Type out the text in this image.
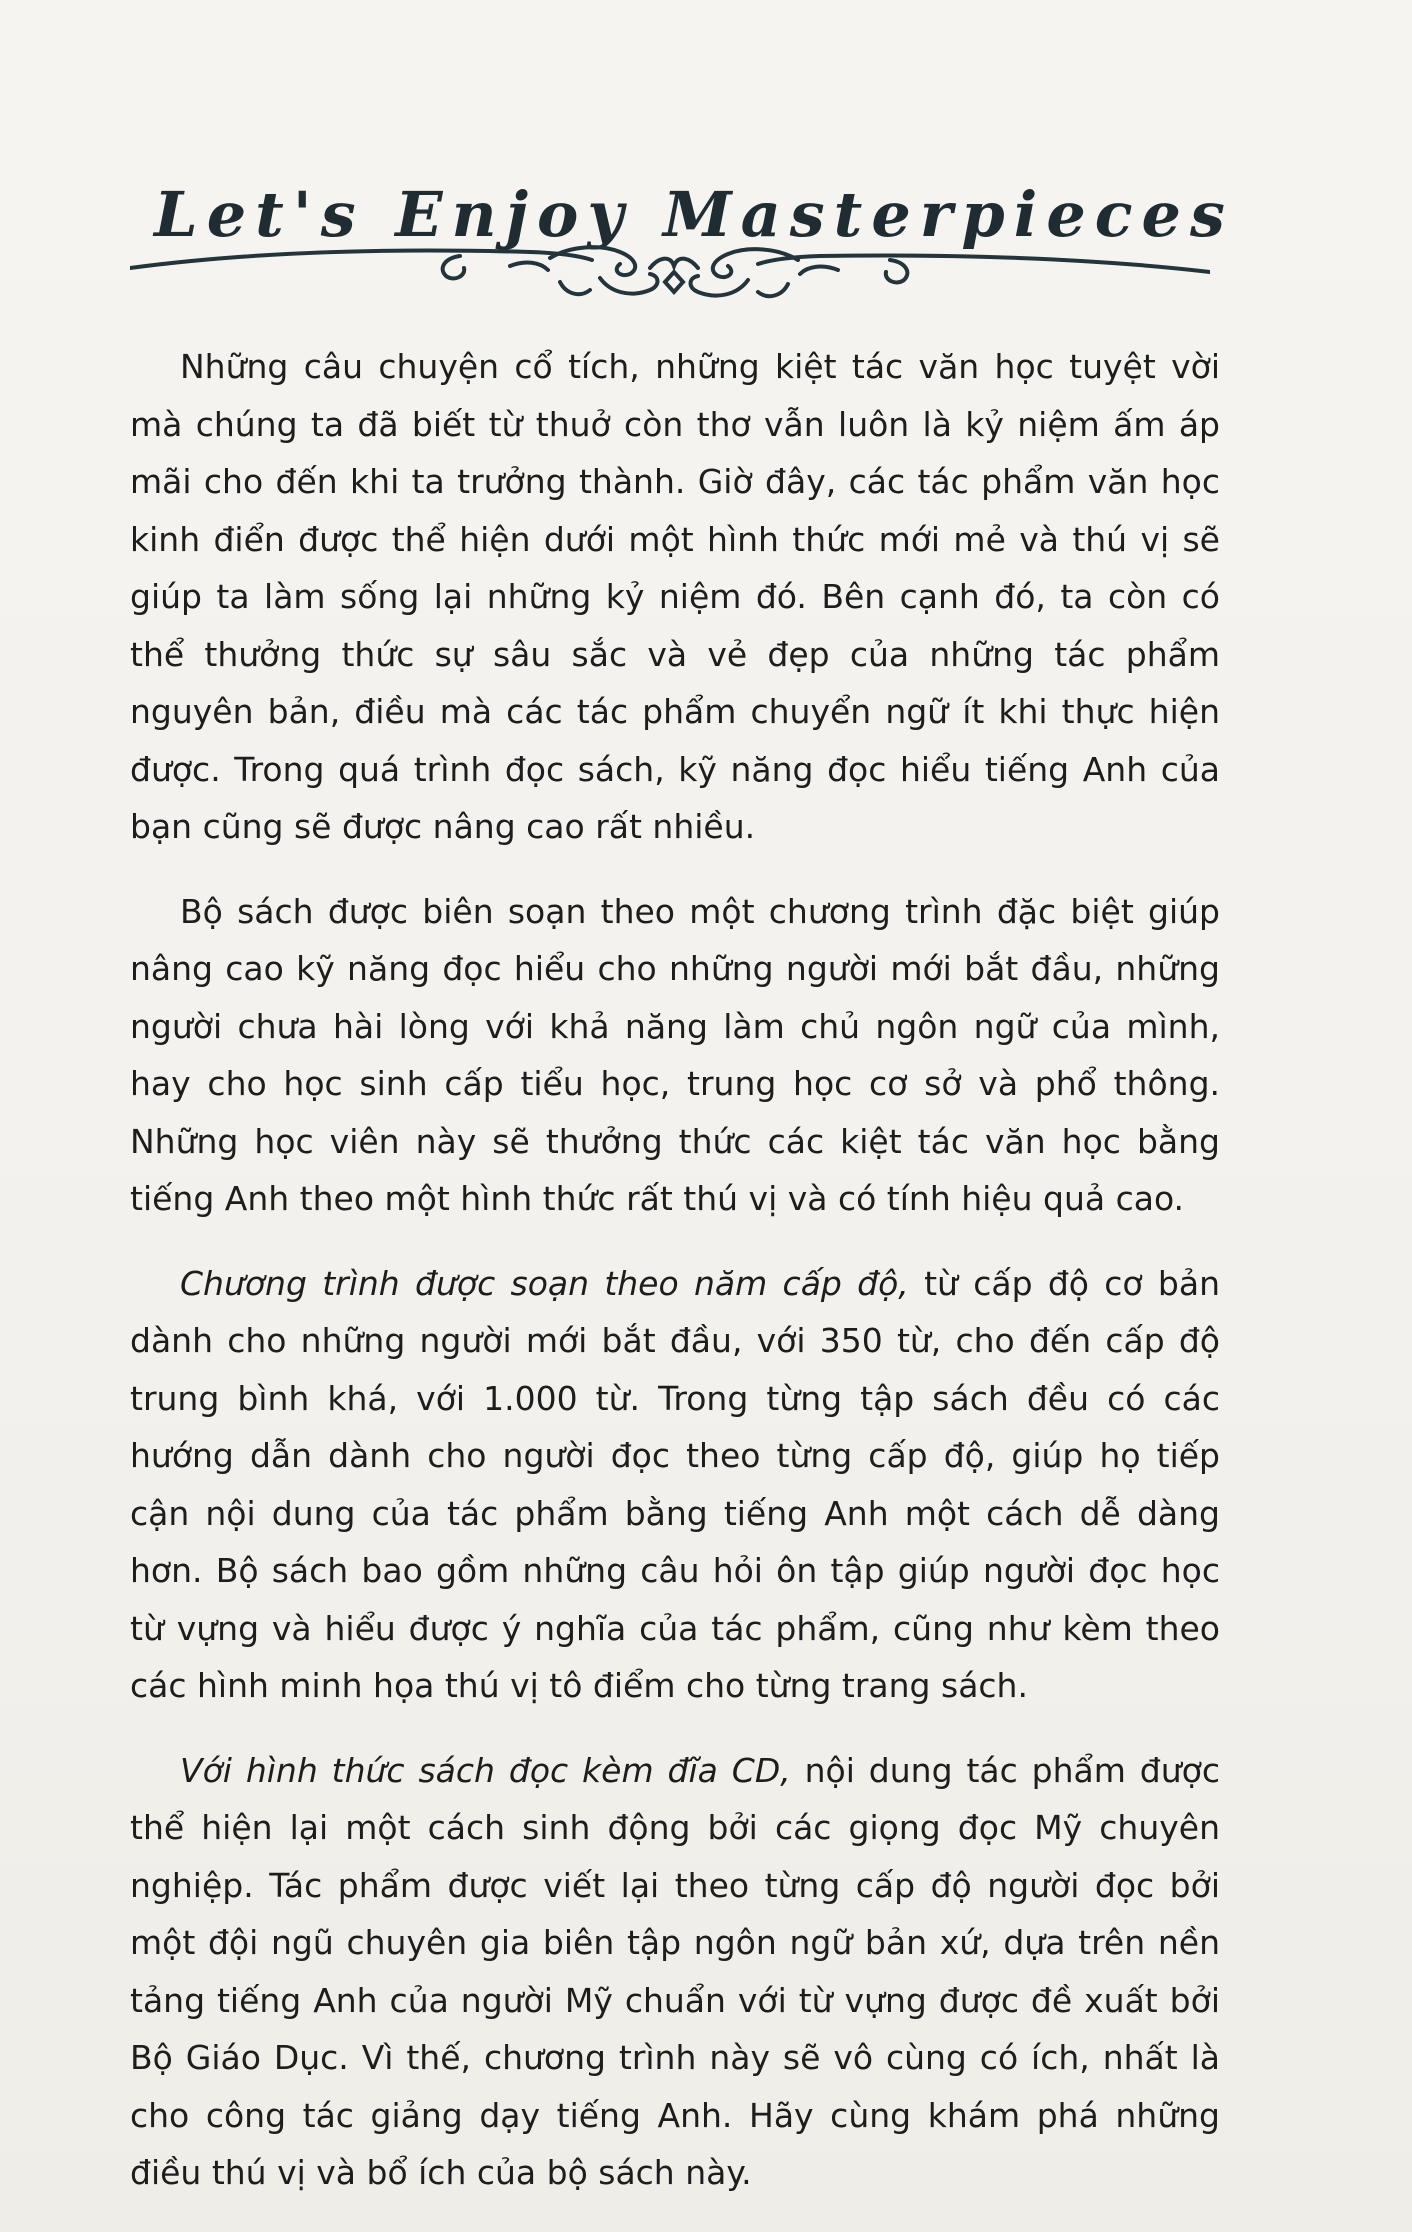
Let's Enjoy Masterpieces

Những câu chuyện cổ tích, những kiệt tác văn học tuyệt vời mà chúng ta đã biết từ thuở còn thơ vẫn luôn là kỷ niệm ấm áp mãi cho đến khi ta trưởng thành. Giờ đây, các tác phẩm văn học kinh điển được thể hiện dưới một hình thức mới mẻ và thú vị sẽ giúp ta làm sống lại những kỷ niệm đó. Bên cạnh đó, ta còn có thể thưởng thức sự sâu sắc và vẻ đẹp của những tác phẩm nguyên bản, điều mà các tác phẩm chuyển ngữ ít khi thực hiện được. Trong quá trình đọc sách, kỹ năng đọc hiểu tiếng Anh của bạn cũng sẽ được nâng cao rất nhiều.

Bộ sách được biên soạn theo một chương trình đặc biệt giúp nâng cao kỹ năng đọc hiểu cho những người mới bắt đầu, những người chưa hài lòng với khả năng làm chủ ngôn ngữ của mình, hay cho học sinh cấp tiểu học, trung học cơ sở và phổ thông. Những học viên này sẽ thưởng thức các kiệt tác văn học bằng tiếng Anh theo một hình thức rất thú vị và có tính hiệu quả cao.

Chương trình được soạn theo năm cấp độ, từ cấp độ cơ bản dành cho những người mới bắt đầu, với 350 từ, cho đến cấp độ trung bình khá, với 1.000 từ. Trong từng tập sách đều có các hướng dẫn dành cho người đọc theo từng cấp độ, giúp họ tiếp cận nội dung của tác phẩm bằng tiếng Anh một cách dễ dàng hơn. Bộ sách bao gồm những câu hỏi ôn tập giúp người đọc học từ vựng và hiểu được ý nghĩa của tác phẩm, cũng như kèm theo các hình minh họa thú vị tô điểm cho từng trang sách.

Với hình thức sách đọc kèm đĩa CD, nội dung tác phẩm được thể hiện lại một cách sinh động bởi các giọng đọc Mỹ chuyên nghiệp. Tác phẩm được viết lại theo từng cấp độ người đọc bởi một đội ngũ chuyên gia biên tập ngôn ngữ bản xứ, dựa trên nền tảng tiếng Anh của người Mỹ chuẩn với từ vựng được đề xuất bởi Bộ Giáo Dục. Vì thế, chương trình này sẽ vô cùng có ích, nhất là cho công tác giảng dạy tiếng Anh. Hãy cùng khám phá những điều thú vị và bổ ích của bộ sách này.
